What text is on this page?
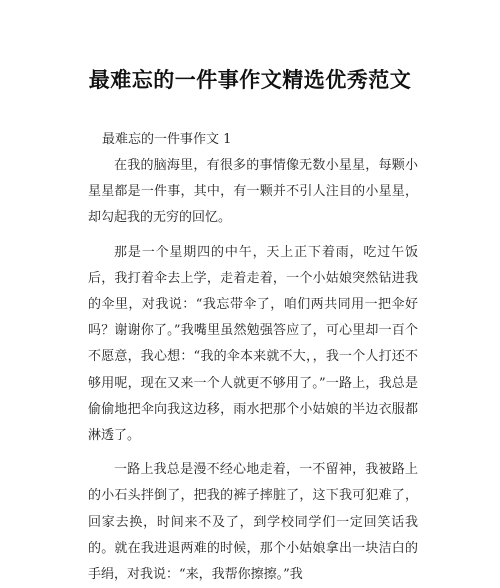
最难忘的一件事作文精选优秀范文

最难忘的一件事作文 1

在我的脑海里，有很多的事情像无数小星星，每颗小星星都是一件事，其中，有一颗并不引人注目的小星星，却勾起我的无穷的回忆。

那是一个星期四的中午，天上正下着雨，吃过午饭后，我打着伞去上学，走着走着，一个小姑娘突然钻进我的伞里，对我说：“我忘带伞了，咱们两共同用一把伞好吗？谢谢你了。”我嘴里虽然勉强答应了，可心里却一百个不愿意，我心想：“我的伞本来就不大，，我一个人打还不够用呢，现在又来一个人就更不够用了。”一路上，我总是偷偷地把伞向我这边移，雨水把那个小姑娘的半边衣服都淋透了。

一路上我总是漫不经心地走着，一不留神，我被路上的小石头拌倒了，把我的裤子摔脏了，这下我可犯难了，回家去换，时间来不及了，到学校同学们一定回笑话我的。就在我进退两难的时候，那个小姑娘拿出一块洁白的手绢，对我说：“来，我帮你擦擦。”我
